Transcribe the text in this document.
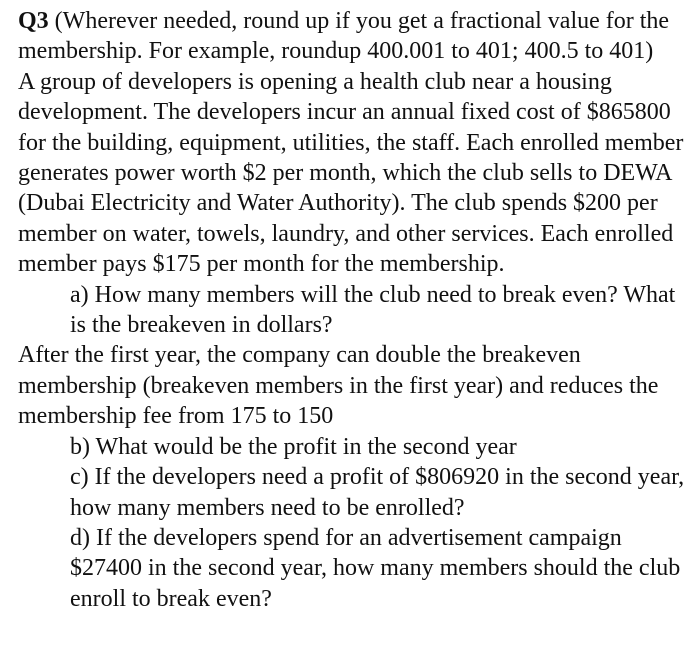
Q3 (Wherever needed, round up if you get a fractional value for the membership. For example, roundup 400.001 to 401; 400.5 to 401)

A group of developers is opening a health club near a housing development. The developers incur an annual fixed cost of $865800 for the building, equipment, utilities, the staff. Each enrolled member generates power worth $2 per month, which the club sells to DEWA (Dubai Electricity and Water Authority). The club spends $200 per member on water, towels, laundry, and other services. Each enrolled member pays $175 per month for the membership.

a) How many members will the club need to break even? What is the breakeven in dollars?

After the first year, the company can double the breakeven membership (breakeven members in the first year) and reduces the membership fee from 175 to 150

b) What would be the profit in the second year

c) If the developers need a profit of $806920 in the second year, how many members need to be enrolled?

d) If the developers spend for an advertisement campaign $27400 in the second year, how many members should the club enroll to break even?
